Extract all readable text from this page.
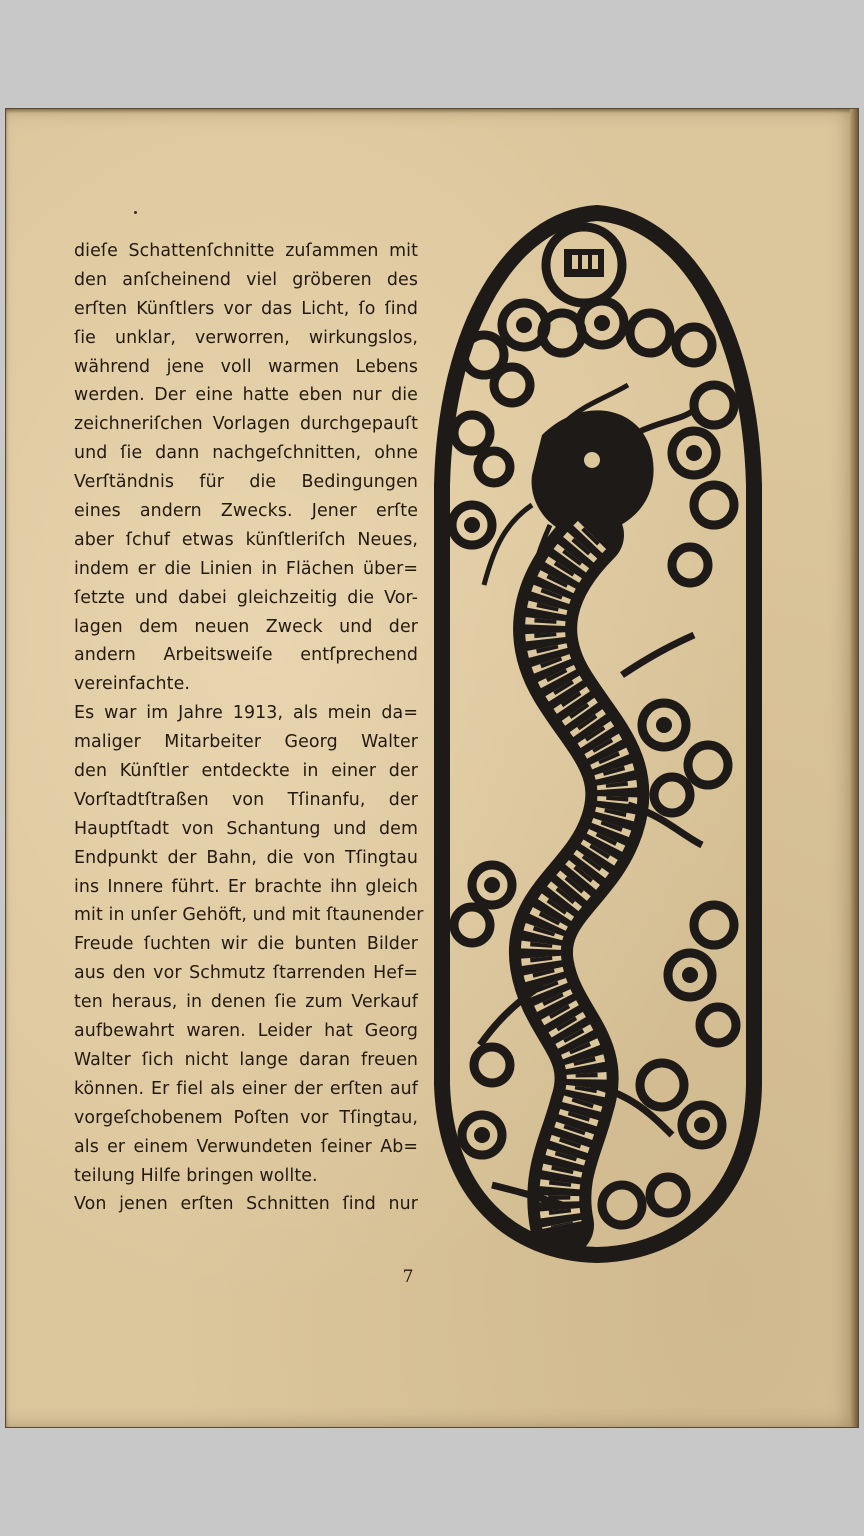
dieſe Schattenſchnitte zuſammen mit
den anſcheinend viel gröberen des
erſten Künſtlers vor das Licht, ſo ſind
ſie unklar, verworren, wirkungslos,
während jene voll warmen Lebens
werden. Der eine hatte eben nur die
zeichneriſchen Vorlagen durchgepauſt
und ſie dann nachgeſchnitten, ohne
Verſtändnis für die Bedingungen
eines andern Zwecks. Jener erſte
aber ſchuf etwas künſtleriſch Neues,
indem er die Linien in Flächen über=
ſetzte und dabei gleichzeitig die Vor-
lagen dem neuen Zweck und der
andern Arbeitsweiſe entſprechend
vereinfachte.
Es war im Jahre 1913, als mein da=
maliger Mitarbeiter Georg Walter
den Künſtler entdeckte in einer der
Vorſtadtſtraßen von Tſinanfu, der
Hauptſtadt von Schantung und dem
Endpunkt der Bahn, die von Tſingtau
ins Innere führt. Er brachte ihn gleich
mit in unſer Gehöft, und mit ſtaunender
Freude ſuchten wir die bunten Bilder
aus den vor Schmutz ſtarrenden Hef=
ten heraus, in denen ſie zum Verkauf
aufbewahrt waren. Leider hat Georg
Walter ſich nicht lange daran freuen
können. Er fiel als einer der erſten auf
vorgeſchobenem Poſten vor Tſingtau,
als er einem Verwundeten ſeiner Ab=
teilung Hilfe bringen wollte.
Von jenen erſten Schnitten ſind nur
7
